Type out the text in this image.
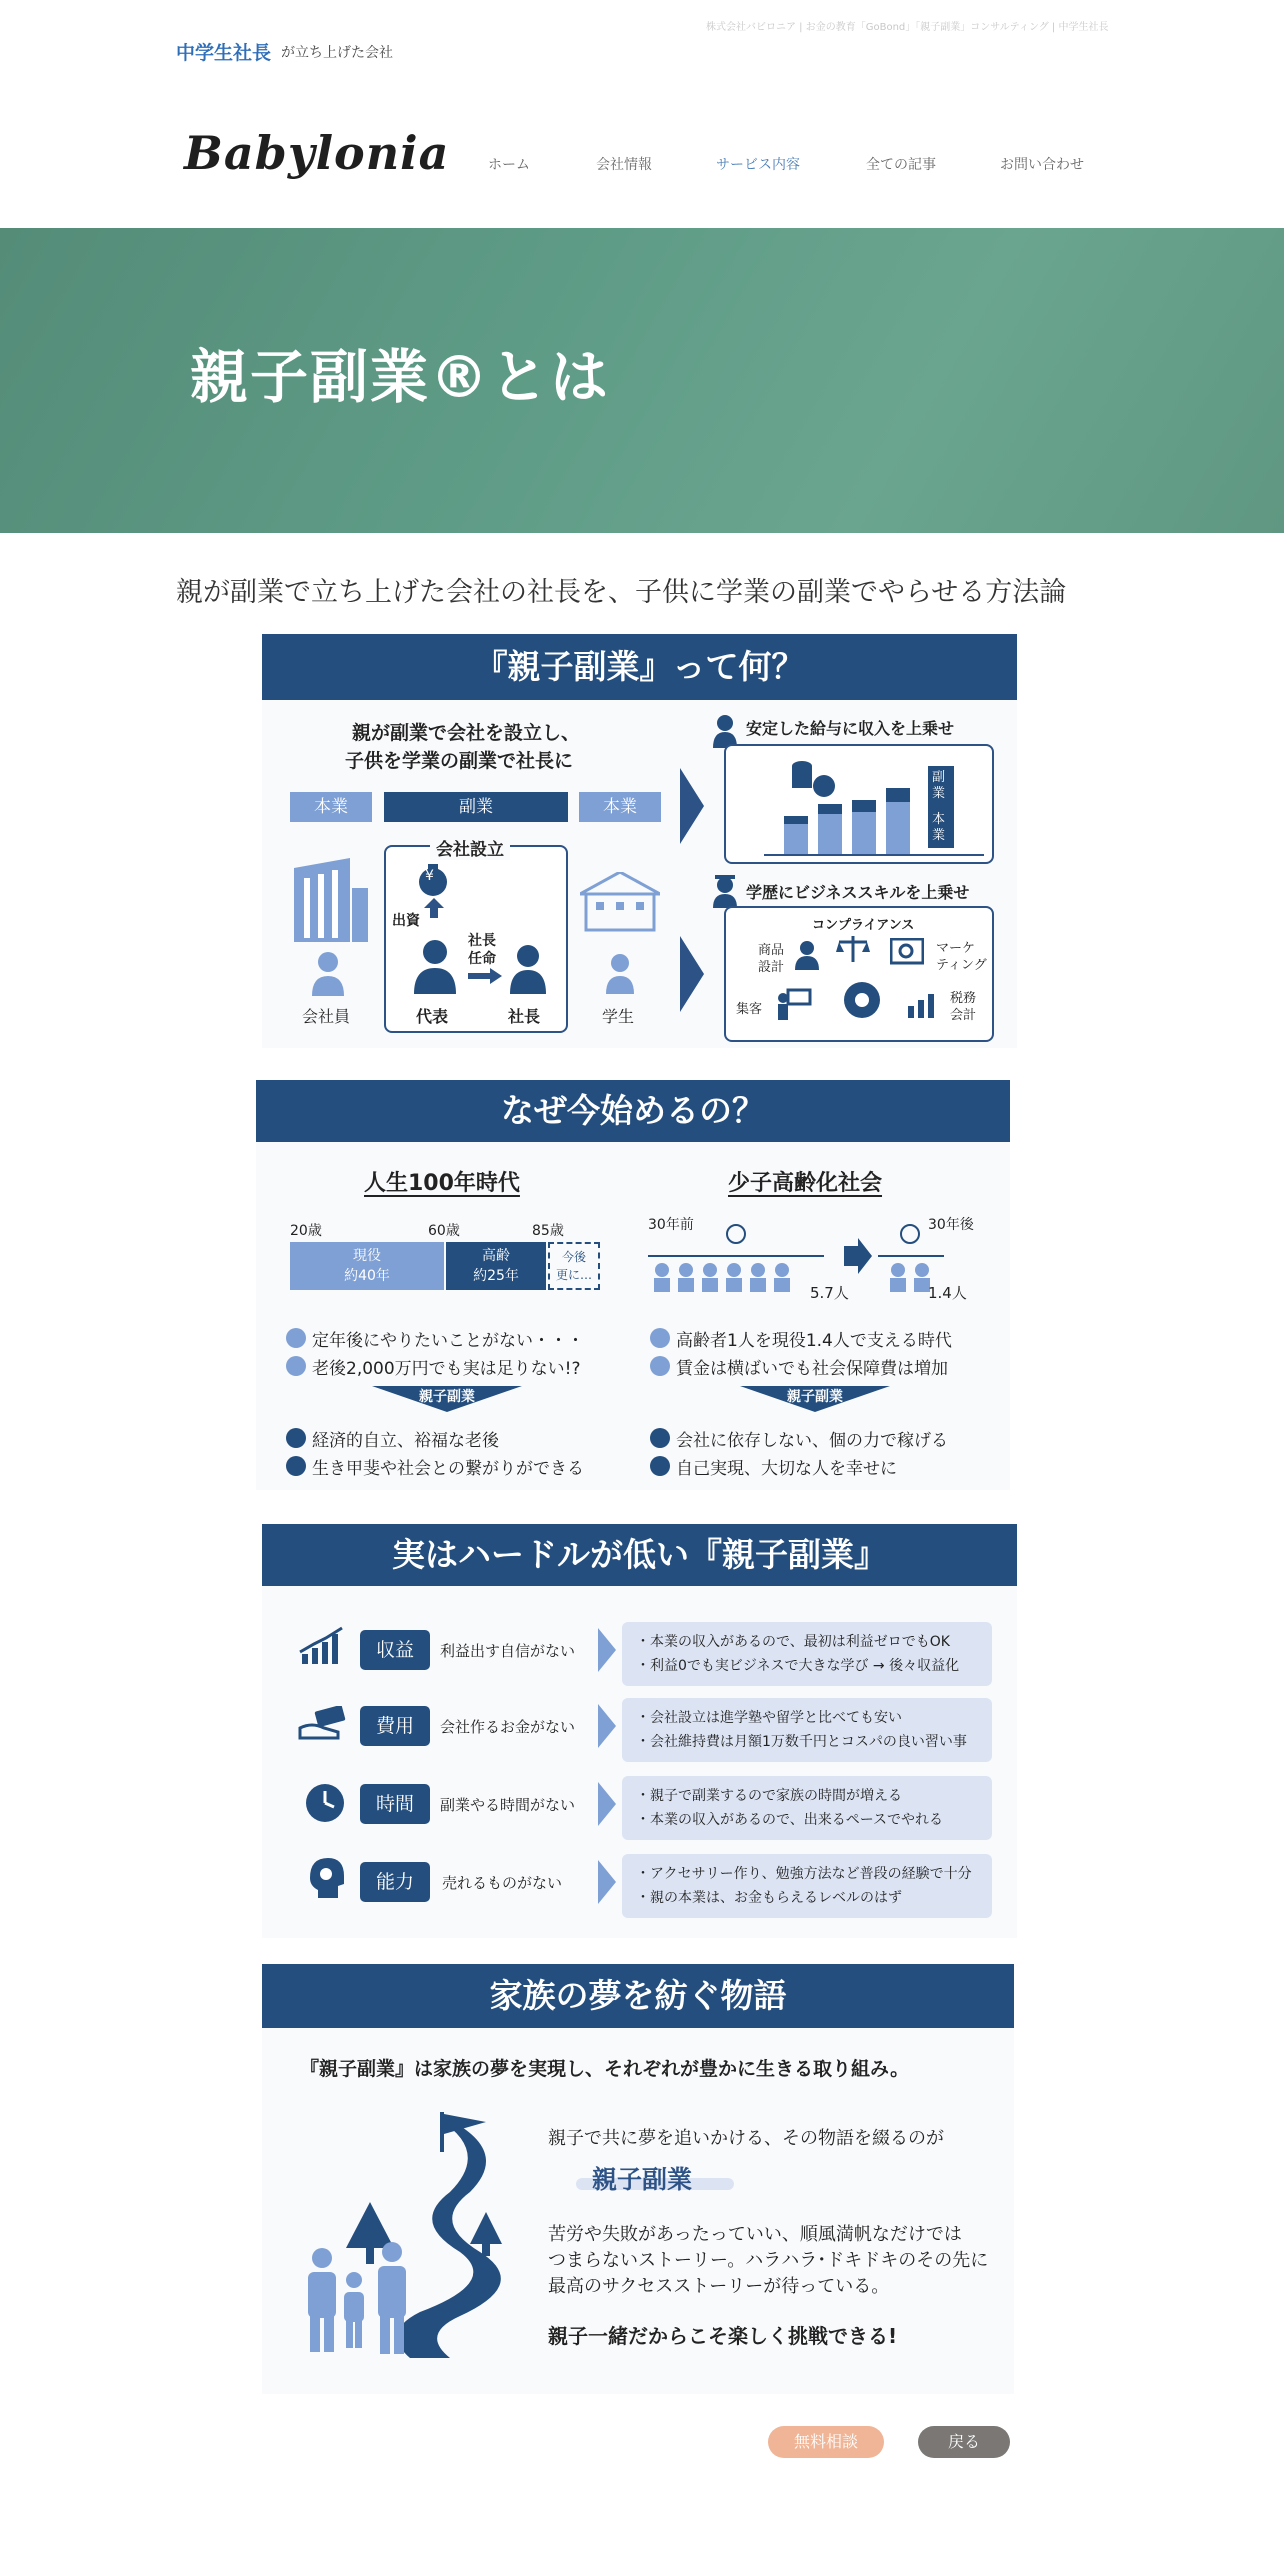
中学生社長 が立ち上げた会社
株式会社バビロニア | お金の教育「GoBond」「親子副業」コンサルティング | 中学生社長
Babylonia	ホーム	会社情報	サービス内容	全ての記事	お問い合わせ
親子副業®とは
親が副業で立ち上げた会社の社長を、子供に学業の副業でやらせる方法論
『親子副業』って何？
親が副業で会社を設立し、
子供を学業の副業で社長に
本業	副業	本業
会社員
会社設立
¥
出資
社長
任命
代表	社長	学生
安定した給与に収入を上乗せ
副業
本業
学歴にビジネススキルを上乗せ
コンプライアンス
商品
設計
マーケ
ティング
集客
税務
会計
なぜ今始めるの？
人生100年時代
20歳	60歳	85歳
現役
約40年
高齢
約25年
今後
更に…
定年後にやりたいことがない・・・
老後2,000万円でも実は足りない!?
親子副業
経済的自立、裕福な老後
生き甲斐や社会との繋がりができる
少子高齢化社会
30年前	30年後
5.7人	1.4人
高齢者1人を現役1.4人で支える時代
賃金は横ばいでも社会保障費は増加
親子副業
会社に依存しない、個の力で稼げる
自己実現、大切な人を幸せに
実はハードルが低い『親子副業』
収益	利益出す自信がない	・本業の収入があるので、最初は利益ゼロでもOK
・利益0でも実ビジネスで大きな学び → 後々収益化
費用	会社作るお金がない	・会社設立は進学塾や留学と比べても安い
・会社維持費は月額1万数千円とコスパの良い習い事
時間	副業やる時間がない	・親子で副業するので家族の時間が増える
・本業の収入があるので、出来るペースでやれる
能力	売れるものがない	・アクセサリー作り、勉強方法など普段の経験で十分
・親の本業は、お金もらえるレベルのはず
家族の夢を紡ぐ物語
『親子副業』は家族の夢を実現し、それぞれが豊かに生きる取り組み。
親子で共に夢を追いかける、その物語を綴るのが
親子副業
苦労や失敗があったっていい、順風満帆なだけでは
つまらないストーリー。ハラハラ･ドキドキのその先に
最高のサクセスストーリーが待っている。
親子一緒だからこそ楽しく挑戦できる!
無料相談	戻る
